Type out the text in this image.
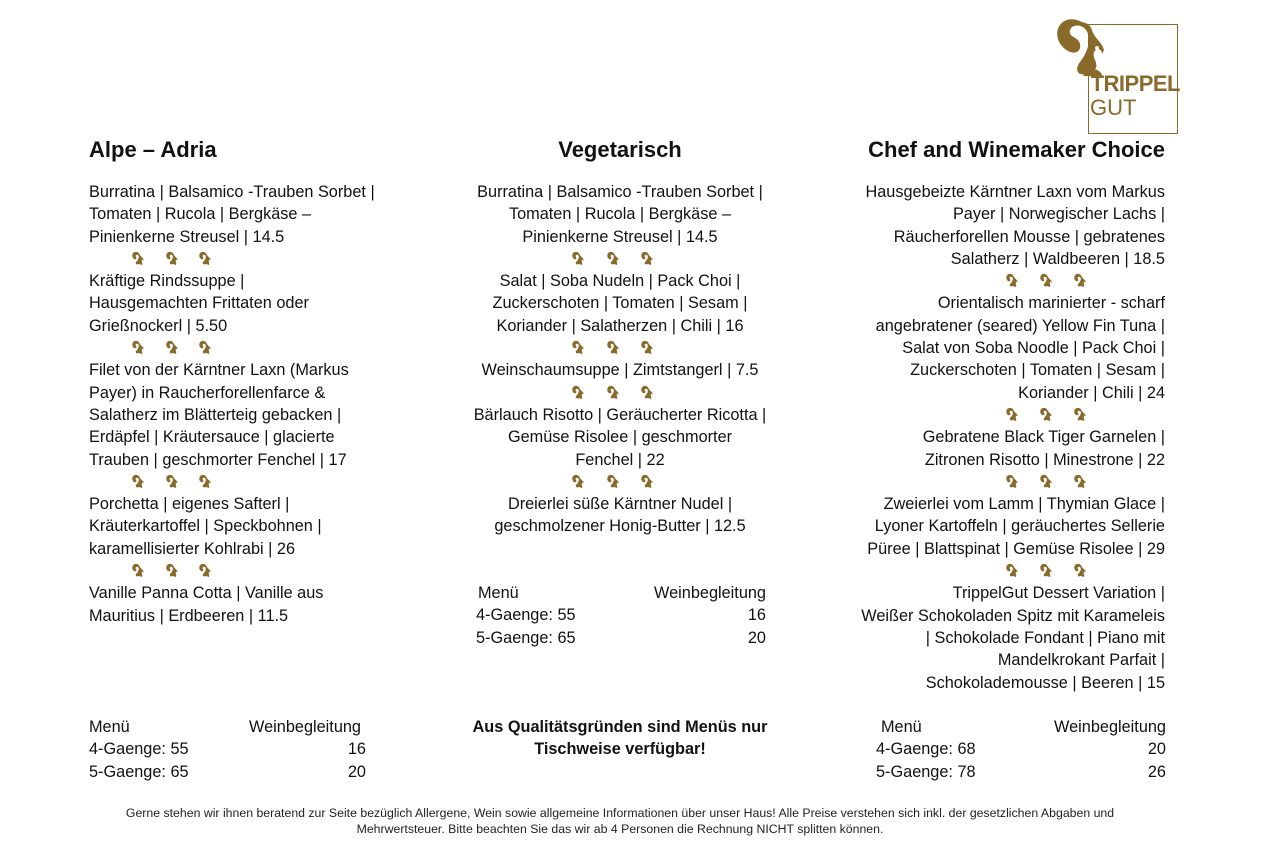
TRIPPEL
GUT
Alpe – Adria
Burratina | Balsamico -Trauben Sorbet |
Tomaten | Rucola | Bergkäse –
Pinienkerne Streusel | 14.5
Kräftige Rindssuppe |
Hausgemachten Frittaten oder
Grießnockerl | 5.50
Filet von der Kärntner Laxn (Markus
Payer) in Raucherforellenfarce &
Salatherz im Blätterteig gebacken |
Erdäpfel | Kräutersauce | glacierte
Trauben | geschmorter Fenchel | 17
Porchetta | eigenes Safterl |
Kräuterkartoffel | Speckbohnen |
karamellisierter Kohlrabi | 26
Vanille Panna Cotta | Vanille aus
Mauritius | Erdbeeren | 11.5
Vegetarisch
Burratina | Balsamico -Trauben Sorbet |
Tomaten | Rucola | Bergkäse –
Pinienkerne Streusel | 14.5
Salat | Soba Nudeln | Pack Choi |
Zuckerschoten | Tomaten | Sesam |
Koriander | Salatherzen | Chili | 16
Weinschaumsuppe | Zimtstangerl | 7.5
Bärlauch Risotto | Geräucherter Ricotta |
Gemüse Risolee | geschmorter
Fenchel | 22
Dreierlei süße Kärntner Nudel |
geschmolzener Honig-Butter | 12.5
Chef and Winemaker Choice
Hausgebeizte Kärntner Laxn vom Markus
Payer | Norwegischer Lachs |
Räucherforellen Mousse | gebratenes
Salatherz | Waldbeeren | 18.5
Orientalisch marinierter - scharf
angebratener (seared) Yellow Fin Tuna |
Salat von Soba Noodle | Pack Choi |
Zuckerschoten | Tomaten | Sesam |
Koriander | Chili | 24
Gebratene Black Tiger Garnelen |
Zitronen Risotto | Minestrone | 22
Zweierlei vom Lamm | Thymian Glace |
Lyoner Kartoffeln | geräuchertes Sellerie
Püree | Blattspinat | Gemüse Risolee | 29
TrippelGut Dessert Variation |
Weißer Schokoladen Spitz mit Karameleis
| Schokolade Fondant | Piano mit
Mandelkrokant Parfait |
Schokolademousse | Beeren | 15
Menü	Weinbegleitung
4-Gaenge: 55	16
5-Gaenge: 65	20
Menü	Weinbegleitung
4-Gaenge: 55	16
5-Gaenge: 65	20
Menü	Weinbegleitung
4-Gaenge: 68	20
5-Gaenge: 78	26
Aus Qualitätsgründen sind Menüs nur
Tischweise verfügbar!
Gerne stehen wir ihnen beratend zur Seite bezüglich Allergene, Wein sowie allgemeine Informationen über unser Haus! Alle Preise verstehen sich inkl. der gesetzlichen Abgaben und
Mehrwertsteuer. Bitte beachten Sie das wir ab 4 Personen die Rechnung NICHT splitten können.
